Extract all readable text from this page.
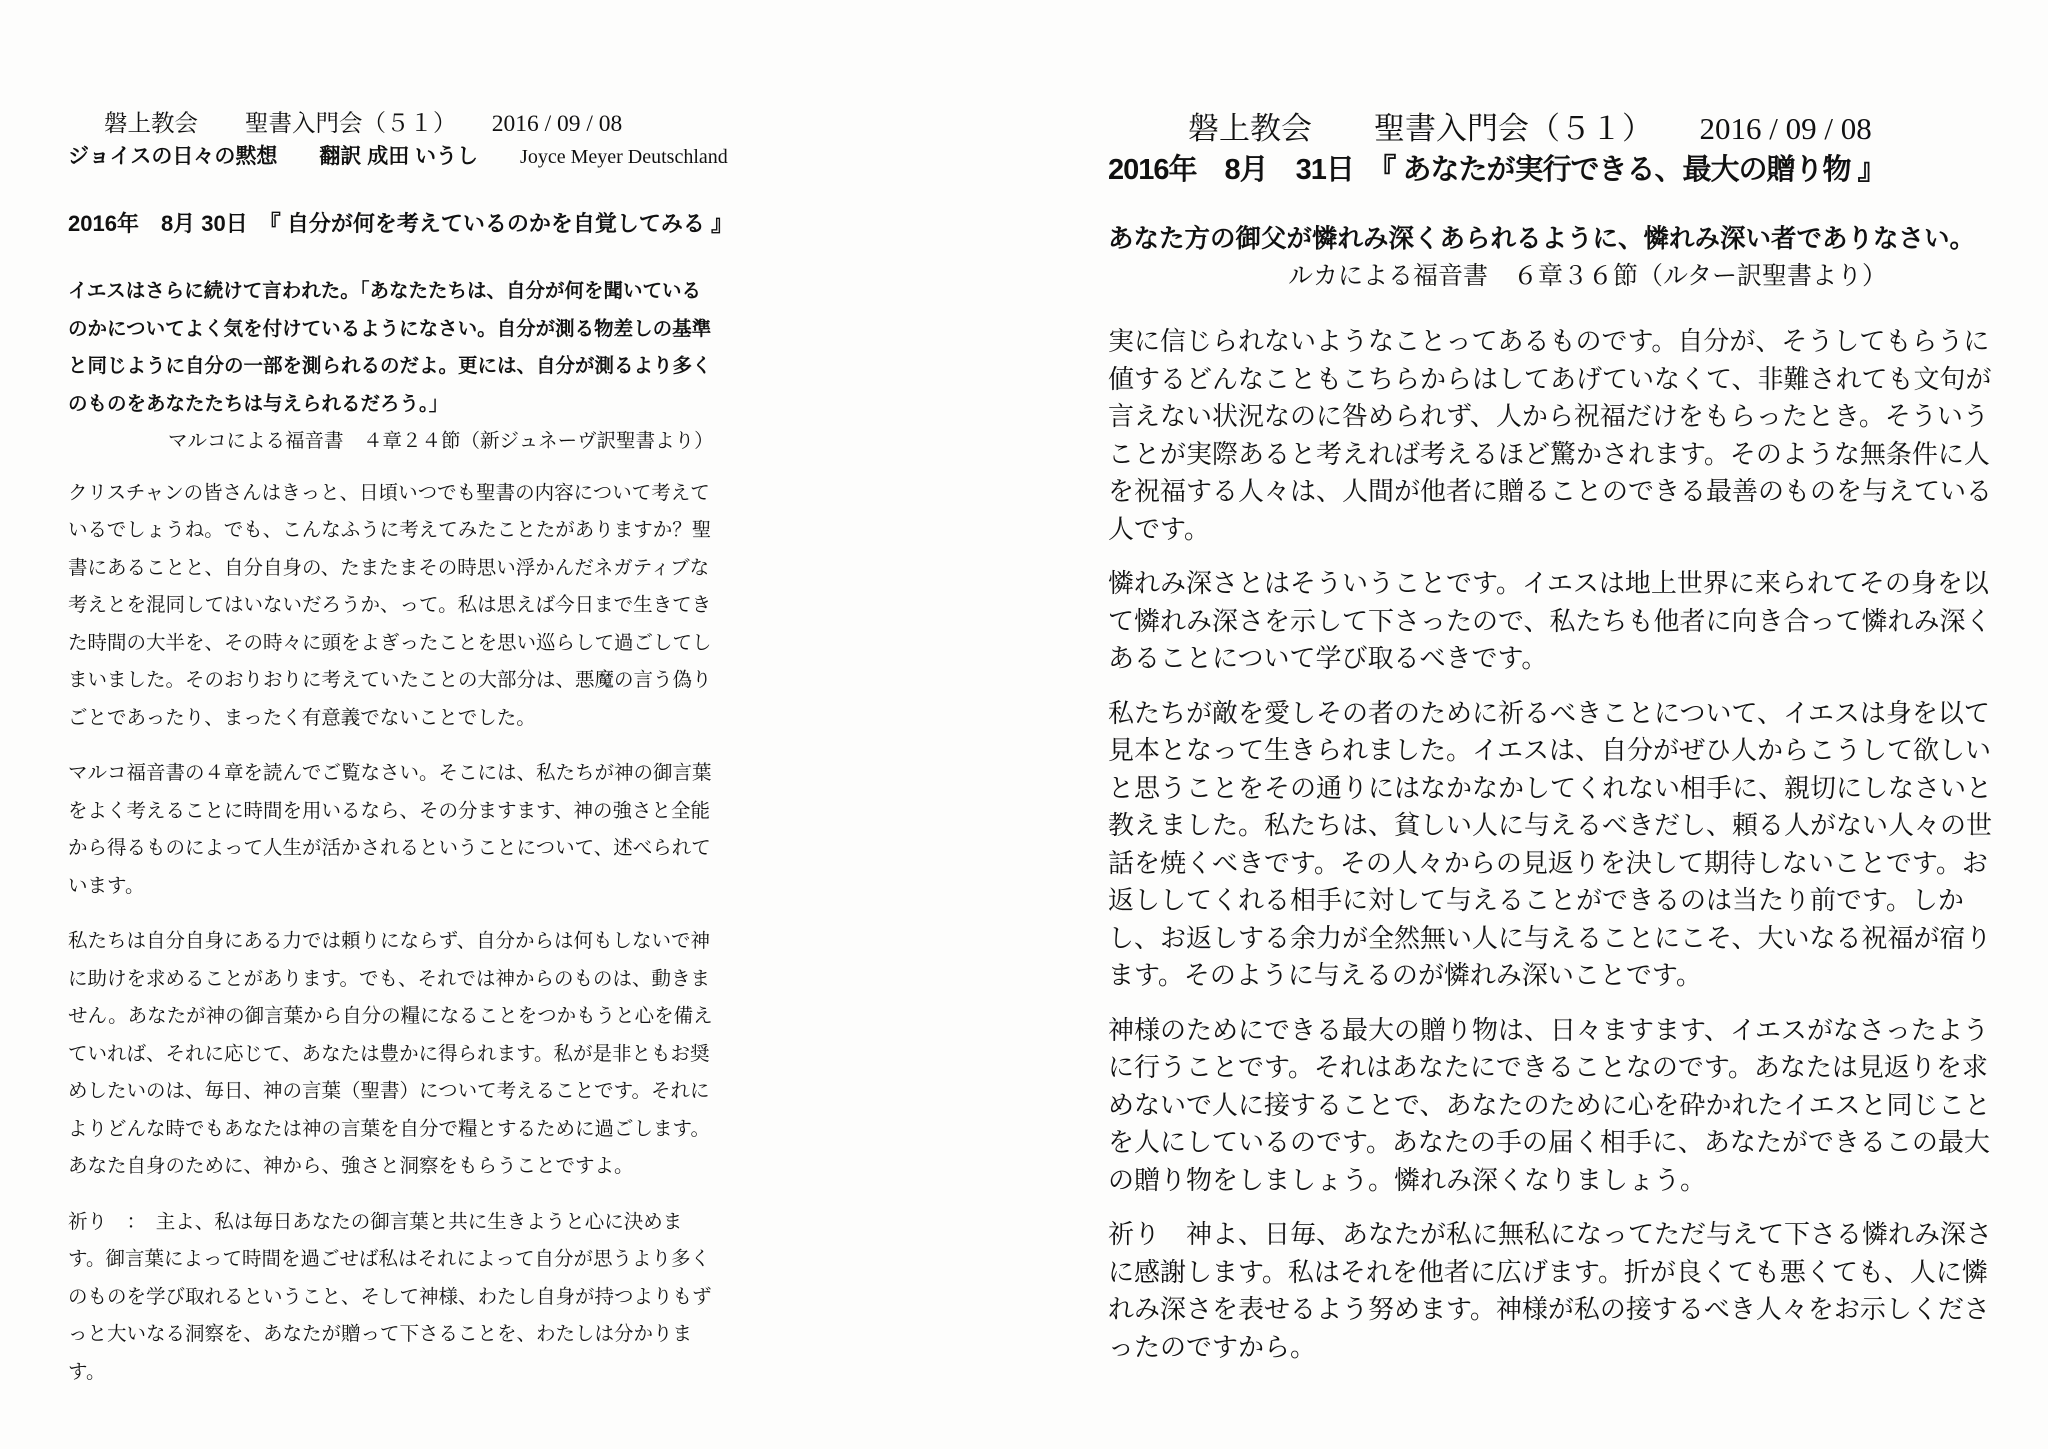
磐上教会　　聖書入門会（５１）　　2016 / 09 / 08
ジョイスの日々の黙想　　翻訳 成田 いうし　　 Joyce Meyer Deutschland
2016年　8月 30日　『 自分が何を考えているのかを自覚してみる 』
イエスはさらに続けて言われた。「あなたたちは、自分が何を聞いているのかについてよく気を付けているようになさい。自分が測る物差しの基準と同じように自分の一部を測られるのだよ。更には、自分が測るより多くのものをあなたたちは与えられるだろう。」
マルコによる福音書　４章２４節（新ジュネーヴ訳聖書より）
クリスチャンの皆さんはきっと、日頃いつでも聖書の内容について考えているでしょうね。でも、こんなふうに考えてみたことたがありますか？聖書にあることと、自分自身の、たまたまその時思い浮かんだネガティブな考えとを混同してはいないだろうか、って。私は思えば今日まで生きてきた時間の大半を、その時々に頭をよぎったことを思い巡らして過ごしてしまいました。そのおりおりに考えていたことの大部分は、悪魔の言う偽りごとであったり、まったく有意義でないことでした。
マルコ福音書の４章を読んでご覧なさい。そこには、私たちが神の御言葉をよく考えることに時間を用いるなら、その分ますます、神の強さと全能から得るものによって人生が活かされるということについて、述べられています。
私たちは自分自身にある力では頼りにならず、自分からは何もしないで神に助けを求めることがあります。でも、それでは神からのものは、動きません。あなたが神の御言葉から自分の糧になることをつかもうと心を備えていれば、それに応じて、あなたは豊かに得られます。私が是非ともお奨めしたいのは、毎日、神の言葉（聖書）について考えることです。それによりどんな時でもあなたは神の言葉を自分で糧とするために過ごします。あなた自身のために、神から、強さと洞察をもらうことですよ。
祈り　：　主よ、私は毎日あなたの御言葉と共に生きようと心に決めます。御言葉によって時間を過ごせば私はそれによって自分が思うより多くのものを学び取れるということ、そして神様、わたし自身が持つよりもずっと大いなる洞察を、あなたが贈って下さることを、わたしは分かります。
磐上教会　　聖書入門会（５１）　　2016 / 09 / 08
2016年　8月　31日　『 あなたが実行できる、最大の贈り物 』
あなた方の御父が憐れみ深くあられるように、憐れみ深い者でありなさい。
ルカによる福音書　６章３６節（ルター訳聖書より）
実に信じられないようなことってあるものです。自分が、そうしてもらうに値するどんなこともこちらからはしてあげていなくて、非難されても文句が言えない状況なのに咎められず、人から祝福だけをもらったとき。そういうことが実際あると考えれば考えるほど驚かされます。そのような無条件に人を祝福する人々は、人間が他者に贈ることのできる最善のものを与えている人です。
憐れみ深さとはそういうことです。イエスは地上世界に来られてその身を以て憐れみ深さを示して下さったので、私たちも他者に向き合って憐れみ深くあることについて学び取るべきです。
私たちが敵を愛しその者のために祈るべきことについて、イエスは身を以て見本となって生きられました。イエスは、自分がぜひ人からこうして欲しいと思うことをその通りにはなかなかしてくれない相手に、親切にしなさいと教えました。私たちは、貧しい人に与えるべきだし、頼る人がない人々の世話を焼くべきです。その人々からの見返りを決して期待しないことです。お返ししてくれる相手に対して与えることができるのは当たり前です。しかし、お返しする余力が全然無い人に与えることにこそ、大いなる祝福が宿ります。そのように与えるのが憐れみ深いことです。
神様のためにできる最大の贈り物は、日々ますます、イエスがなさったように行うことです。それはあなたにできることなのです。あなたは見返りを求めないで人に接することで、あなたのために心を砕かれたイエスと同じことを人にしているのです。あなたの手の届く相手に、あなたができるこの最大の贈り物をしましょう。憐れみ深くなりましょう。
祈り　神よ、日毎、あなたが私に無私になってただ与えて下さる憐れみ深さに感謝します。私はそれを他者に広げます。折が良くても悪くても、人に憐れみ深さを表せるよう努めます。神様が私の接するべき人々をお示しくださったのですから。
